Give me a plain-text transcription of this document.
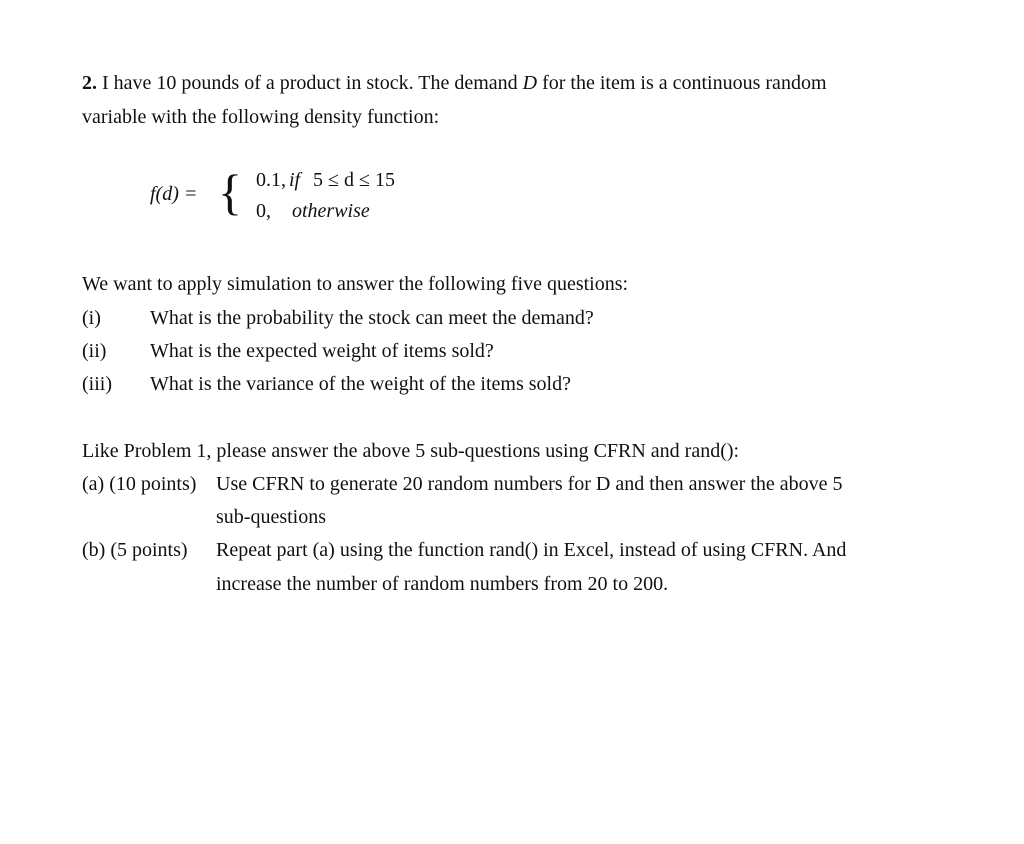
2. I have 10 pounds of a product in stock. The demand D for the item is a continuous random
variable with the following density function:
f(d) = { 0.1, if 5 ≤ d ≤ 15
0, otherwise
We want to apply simulation to answer the following five questions:
(i) What is the probability the stock can meet the demand?
(ii) What is the expected weight of items sold?
(iii) What is the variance of the weight of the items sold?
Like Problem 1, please answer the above 5 sub-questions using CFRN and rand():
(a) (10 points) Use CFRN to generate 20 random numbers for D and then answer the above 5
sub-questions
(b) (5 points) Repeat part (a) using the function rand() in Excel, instead of using CFRN. And
increase the number of random numbers from 20 to 200.
